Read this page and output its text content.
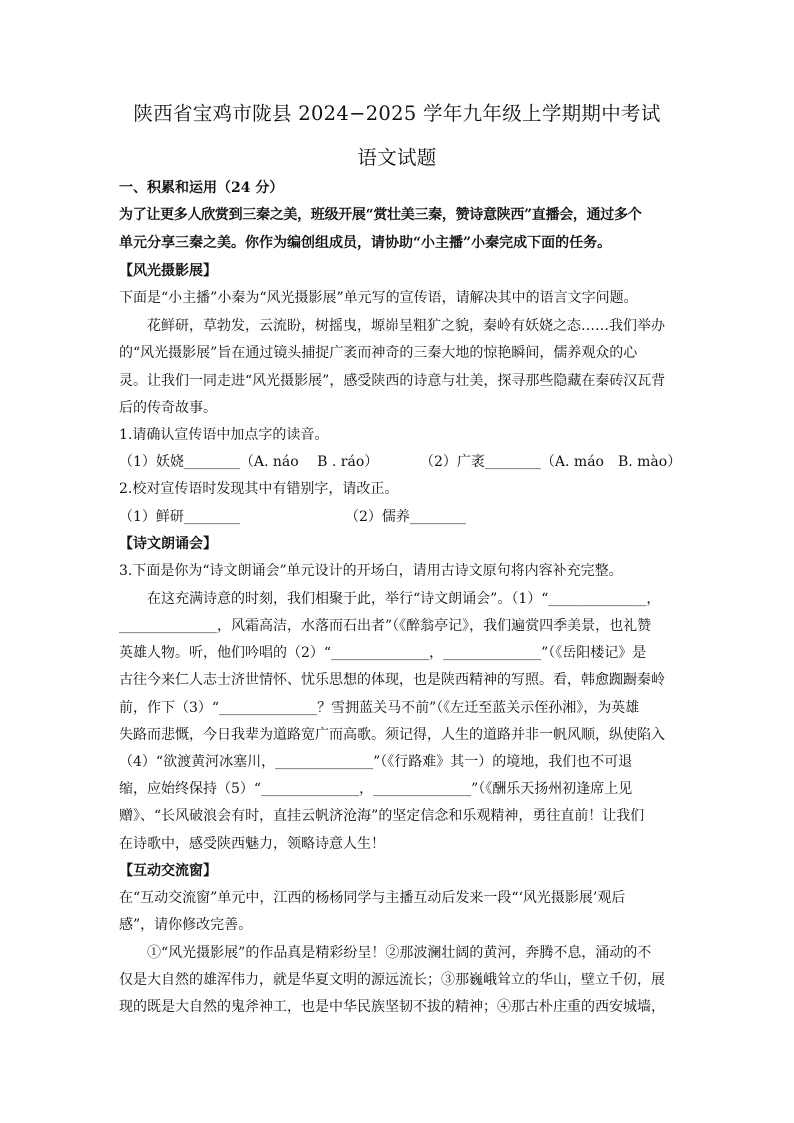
陕西省宝鸡市陇县 2024−2025 学年九年级上学期期中考试
语文试题
一、积累和运用（24 分）
为了让更多人欣赏到三秦之美，班级开展“赏壮美三秦，赞诗意陕西”直播会，通过多个
单元分享三秦之美。你作为编创组成员，请协助“小主播”小秦完成下面的任务。
【风光摄影展】
下面是“小主播”小秦为“风光摄影展”单元写的宣传语，请解决其中的语言文字问题。
花鲜研，草勃发，云流盼，树摇曳，塬峁呈粗犷之貌，秦岭有妖娆之态……我们举办
的“风光摄影展”旨在通过镜头捕捉广袤而神奇的三秦大地的惊艳瞬间，儒养观众的心
灵。让我们一同走进“风光摄影展”，感受陕西的诗意与壮美，探寻那些隐藏在秦砖汉瓦背
后的传奇故事。
1.请确认宣传语中加点字的读音。
（1）妖娆________（A. náo　 B . ráo）	（2）广袤________（A. máo　B. mào）
2.校对宣传语时发现其中有错别字，请改正。
（1）鲜研________	（2）儒养________
【诗文朗诵会】
3.下面是你为“诗文朗诵会”单元设计的开场白，请用古诗文原句将内容补充完整。
在这充满诗意的时刻，我们相聚于此，举行“诗文朗诵会”。（1）“______________，
______________，风霜高洁，水落而石出者”（《醉翁亭记》，我们遍赏四季美景，也礼赞
英雄人物。听，他们吟唱的（2）“______________，______________”（《岳阳楼记》是
古往今来仁人志士济世情怀、忧乐思想的体现，也是陕西精神的写照。看，韩愈踟蹰秦岭
前，作下（3）“______________？雪拥蓝关马不前”（《左迁至蓝关示侄孙湘》，为英雄
失路而悲慨，今日我辈为道路宽广而高歌。须记得，人生的道路并非一帆风顺，纵使陷入
（4）“欲渡黄河冰塞川，______________”（《行路难》其一）的境地，我们也不可退
缩，应始终保持（5）“______________，______________”（《酬乐天扬州初逢席上见
赠》、“长风破浪会有时，直挂云帆济沧海”的坚定信念和乐观精神，勇往直前！让我们
在诗歌中，感受陕西魅力，领略诗意人生！
【互动交流窗】
在“互动交流窗”单元中，江西的杨杨同学与主播互动后发来一段“‘风光摄影展’观后
感”，请你修改完善。
①“风光摄影展”的作品真是精彩纷呈！②那波澜壮阔的黄河，奔腾不息，涌动的不
仅是大自然的雄浑伟力，就是华夏文明的源远流长；③那巍峨耸立的华山，壁立千仞，展
现的既是大自然的鬼斧神工，也是中华民族坚韧不拔的精神；④那古朴庄重的西安城墙，
